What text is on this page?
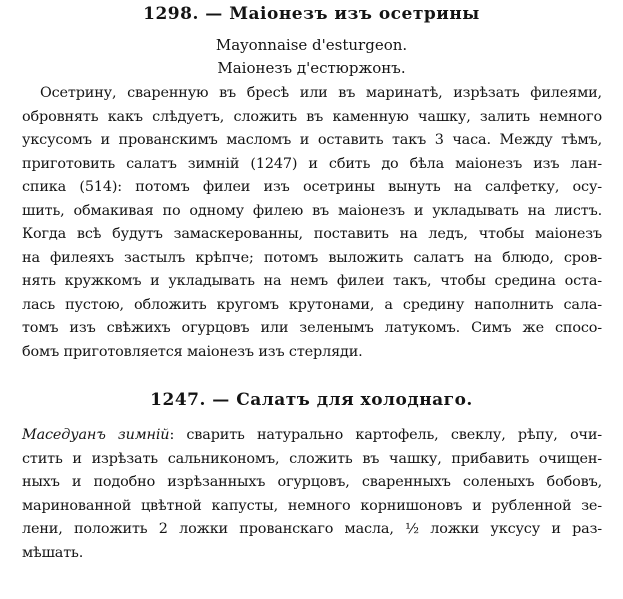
1298. — Маіонезъ изъ осетрины
Mayonnaise d'esturgeon.
Маіонезъ д'естюржонъ.
Осетрину, сваренную въ бресѣ или въ маринатѣ, изрѣзать филеями,
обровнять какъ слѣдуетъ, сложить въ каменную чашку, залить немного
уксусомъ и прованскимъ масломъ и оставить такъ 3 часа. Между тѣмъ,
приготовить салатъ зимній (1247) и сбить до бѣла маіонезъ изъ лан-
спика (514): потомъ филеи изъ осетрины вынуть на салфетку, осу-
шить, обмакивая по одному филею въ маіонезъ и укладывать на листъ.
Когда всѣ будутъ замаскерованны, поставить на ледъ, чтобы маіонезъ
на филеяхъ застылъ крѣпче; потомъ выложить салатъ на блюдо, сров-
нять кружкомъ и укладывать на немъ филеи такъ, чтобы средина оста-
лась пустою, обложить кругомъ крутонами, а средину наполнить салa-
томъ изъ свѣжихъ огурцовъ или зеленымъ латукомъ. Симъ же спосо-
бомъ приготовляется маіонезъ изъ стерляди.
1247. — Салатъ для холоднаго.
Маседуанъ зимній: сварить натурально картофель, свеклу, рѣпу, очи-
стить и изрѣзать сальникономъ, сложить въ чашку, прибавить очищен-
ныхъ и подобно изрѣзанныхъ огурцовъ, сваренныхъ соленыхъ бобовъ,
маринованной цвѣтной капусты, немного корнишоновъ и рубленной зе-
лени, положить 2 ложки прованскаго масла, ½ ложки уксусу и раз-
мѣшать.
